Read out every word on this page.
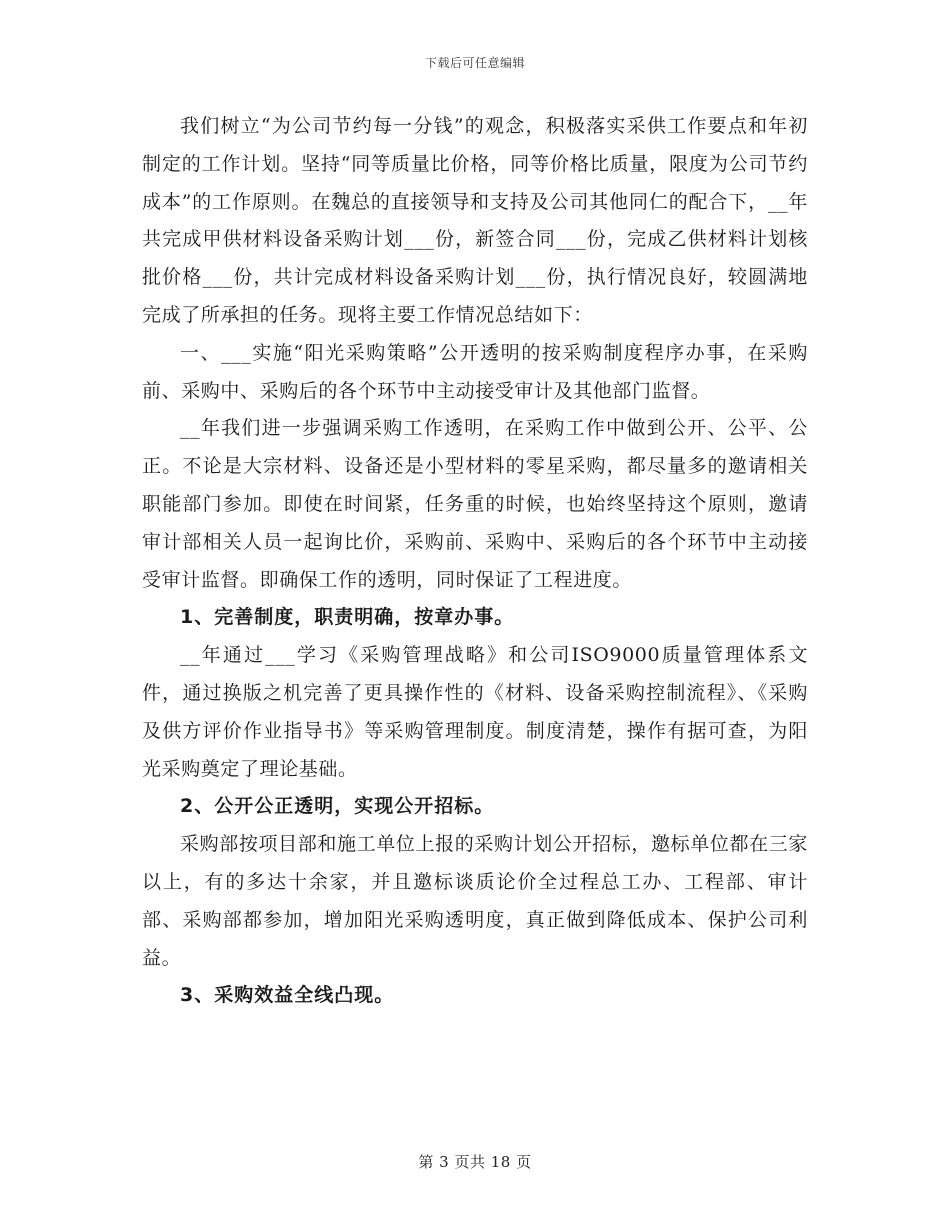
下载后可任意编辑

我们树立“为公司节约每一分钱”的观念，积极落实采供工作要点和年初制定的工作计划。坚持“同等质量比价格，同等价格比质量，限度为公司节约成本”的工作原则。在魏总的直接领导和支持及公司其他同仁的配合下，__年共完成甲供材料设备采购计划___份，新签合同___份，完成乙供材料计划核批价格___份，共计完成材料设备采购计划___份，执行情况良好，较圆满地完成了所承担的任务。现将主要工作情况总结如下：

一、___实施“阳光采购策略”公开透明的按采购制度程序办事，在采购前、采购中、采购后的各个环节中主动接受审计及其他部门监督。

__年我们进一步强调采购工作透明，在采购工作中做到公开、公平、公正。不论是大宗材料、设备还是小型材料的零星采购，都尽量多的邀请相关职能部门参加。即使在时间紧，任务重的时候，也始终坚持这个原则，邀请审计部相关人员一起询比价，采购前、采购中、采购后的各个环节中主动接受审计监督。即确保工作的透明，同时保证了工程进度。

1、完善制度，职责明确，按章办事。

__年通过___学习《采购管理战略》和公司ISO9000质量管理体系文件，通过换版之机完善了更具操作性的《材料、设备采购控制流程》、《采购及供方评价作业指导书》等采购管理制度。制度清楚，操作有据可查，为阳光采购奠定了理论基础。

2、公开公正透明，实现公开招标。

采购部按项目部和施工单位上报的采购计划公开招标，邀标单位都在三家以上，有的多达十余家，并且邀标谈质论价全过程总工办、工程部、审计部、采购部都参加，增加阳光采购透明度，真正做到降低成本、保护公司利益。

3、采购效益全线凸现。

第 3 页共 18 页
